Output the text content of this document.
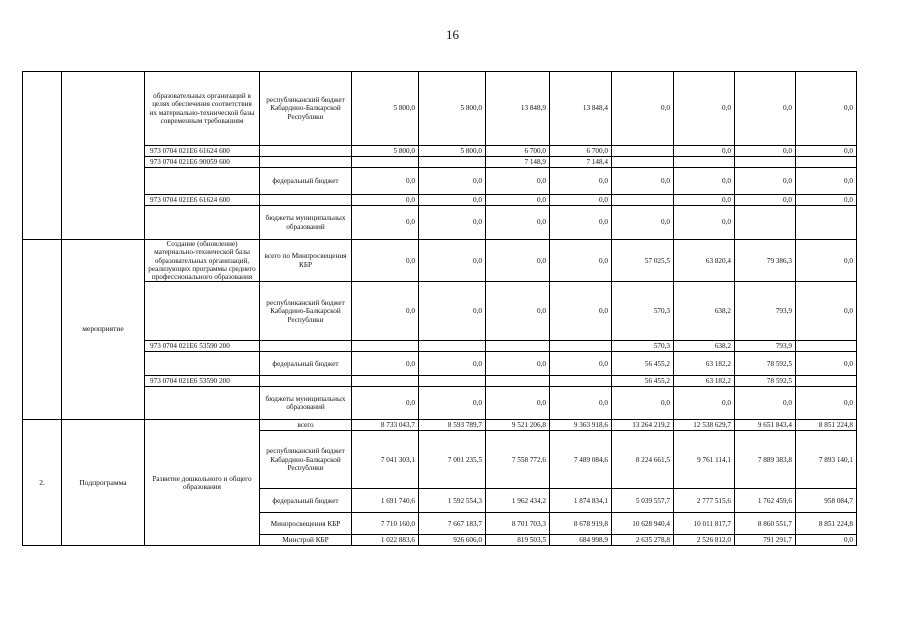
16
		образовательных организаций в целях обеспечения соответствия их материально-технической базы современным требованиям	республиканский бюджет Кабардино-Балкарской Республики	5 800,0	5 800,0	13 848,9	13 848,4	0,0	0,0	0,0	0,0
		973 0704 021E6 61624 600		5 800,0	5 800,0	6 700,0	6 700,0		0,0	0,0	0,0
		973 0704 021E6 90059 600				7 148,9	7 148,4				
			федеральный бюджет	0,0	0,0	0,0	0,0	0,0	0,0	0,0	0,0
		973 0704 021E6 61624 600		0,0	0,0	0,0	0,0		0,0	0,0	0,0
			бюджеты муниципальных образований	0,0	0,0	0,0	0,0	0,0	0,0		
	мероприятие	Создание (обновление) материально-технической базы образовательных организаций, реализующих программы среднего профессионального образования	всего по Минпросвещения КБР	0,0	0,0	0,0	0,0	57 025,5	63 820,4	79 386,3	0,0
			республиканский бюджет Кабардино-Балкарской Республики	0,0	0,0	0,0	0,0	570,3	638,2	793,9	0,0
		973 0704 021E6 53590 200						570,3	638,2	793,9	
			федеральный бюджет	0,0	0,0	0,0	0,0	56 455,2	63 182,2	78 592,5	0,0
		973 0704 021E6 53590 200						56 455,2	63 182,2	78 592,5	
			бюджеты муниципальных образований	0,0	0,0	0,0	0,0	0,0	0,0	0,0	0,0
2.	Подпрограмма	Развитие дошкольного и общего образования	всего	8 733 043,7	8 593 789,7	9 521 206,8	9 363 918,6	13 264 219,2	12 538 629,7	9 651 843,4	8 851 224,8
			республиканский бюджет Кабардино-Балкарской Республики	7 041 303,1	7 001 235,5	7 558 772,6	7 489 084,6	8 224 661,5	9 761 114,1	7 889 383,8	7 893 140,1
			федеральный бюджет	1 691 740,6	1 592 554,3	1 962 434,2	1 874 834,1	5 039 557,7	2 777 515,6	1 762 459,6	958 084,7
			Минпросвещения КБР	7 710 160,0	7 667 183,7	8 701 703,3	8 678 919,8	10 628 940,4	10 011 817,7	8 860 551,7	8 851 224,8
			Минстрой КБР	1 022 883,6	926 606,0	819 503,5	684 998,9	2 635 278,8	2 526 812,0	791 291,7	0,0
